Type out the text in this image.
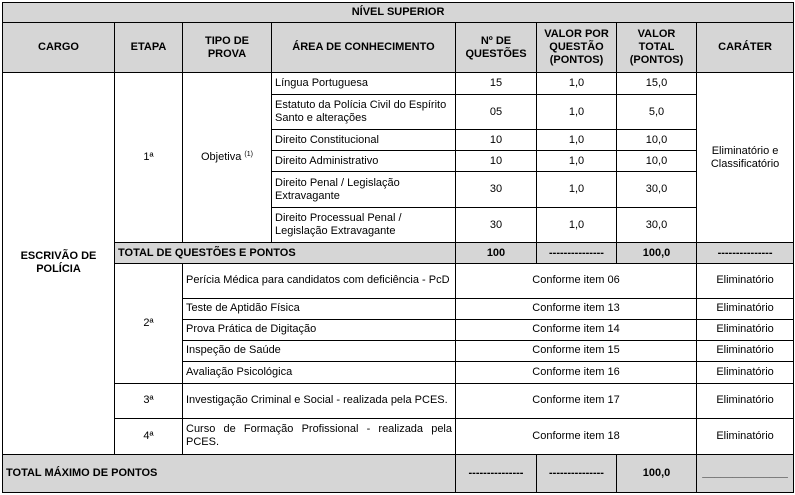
NÍVEL SUPERIOR							
CARGO	ETAPA	TIPO DE PROVA	ÁREA DE CONHECIMENTO	Nº DE QUESTÕES	VALOR POR QUESTÃO (PONTOS)	VALOR TOTAL (PONTOS)	CARÁTER
ESCRIVÃO DE POLÍCIA	1ª	Objetiva $^{(1)}$	Língua Portuguesa	15	1,0	15,0	Eliminatório e Classificatório
			Estatuto da Polícia Civil do Espírito Santo e alterações	05	1,0	5,0	
			Direito Constitucional	10	1,0	10,0	
			Direito Administrativo	10	1,0	10,0	
			Direito Penal / Legislação Extravagante	30	1,0	30,0	
			Direito Processual Penal / Legislação Extravagante	30	1,0	30,0	
	TOTAL DE QUESTÕES E PONTOS			100	---------------	100,0	---------------
	2ª	Perícia Médica para candidatos com deficiência - PcD		Conforme item 06			Eliminatório
		Teste de Aptidão Física		Conforme item 13			Eliminatório
		Prova Prática de Digitação		Conforme item 14			Eliminatório
		Inspeção de Saúde		Conforme item 15			Eliminatório
		Avaliação Psicológica		Conforme item 16			Eliminatório
	3ª	Investigação Criminal e Social - realizada pela PCES.		Conforme item 17			Eliminatório
	4ª	Curso de Formação Profissional - realizada pela PCES.		Conforme item 18			Eliminatório
TOTAL MÁXIMO DE PONTOS				---------------	---------------	100,0	______________
